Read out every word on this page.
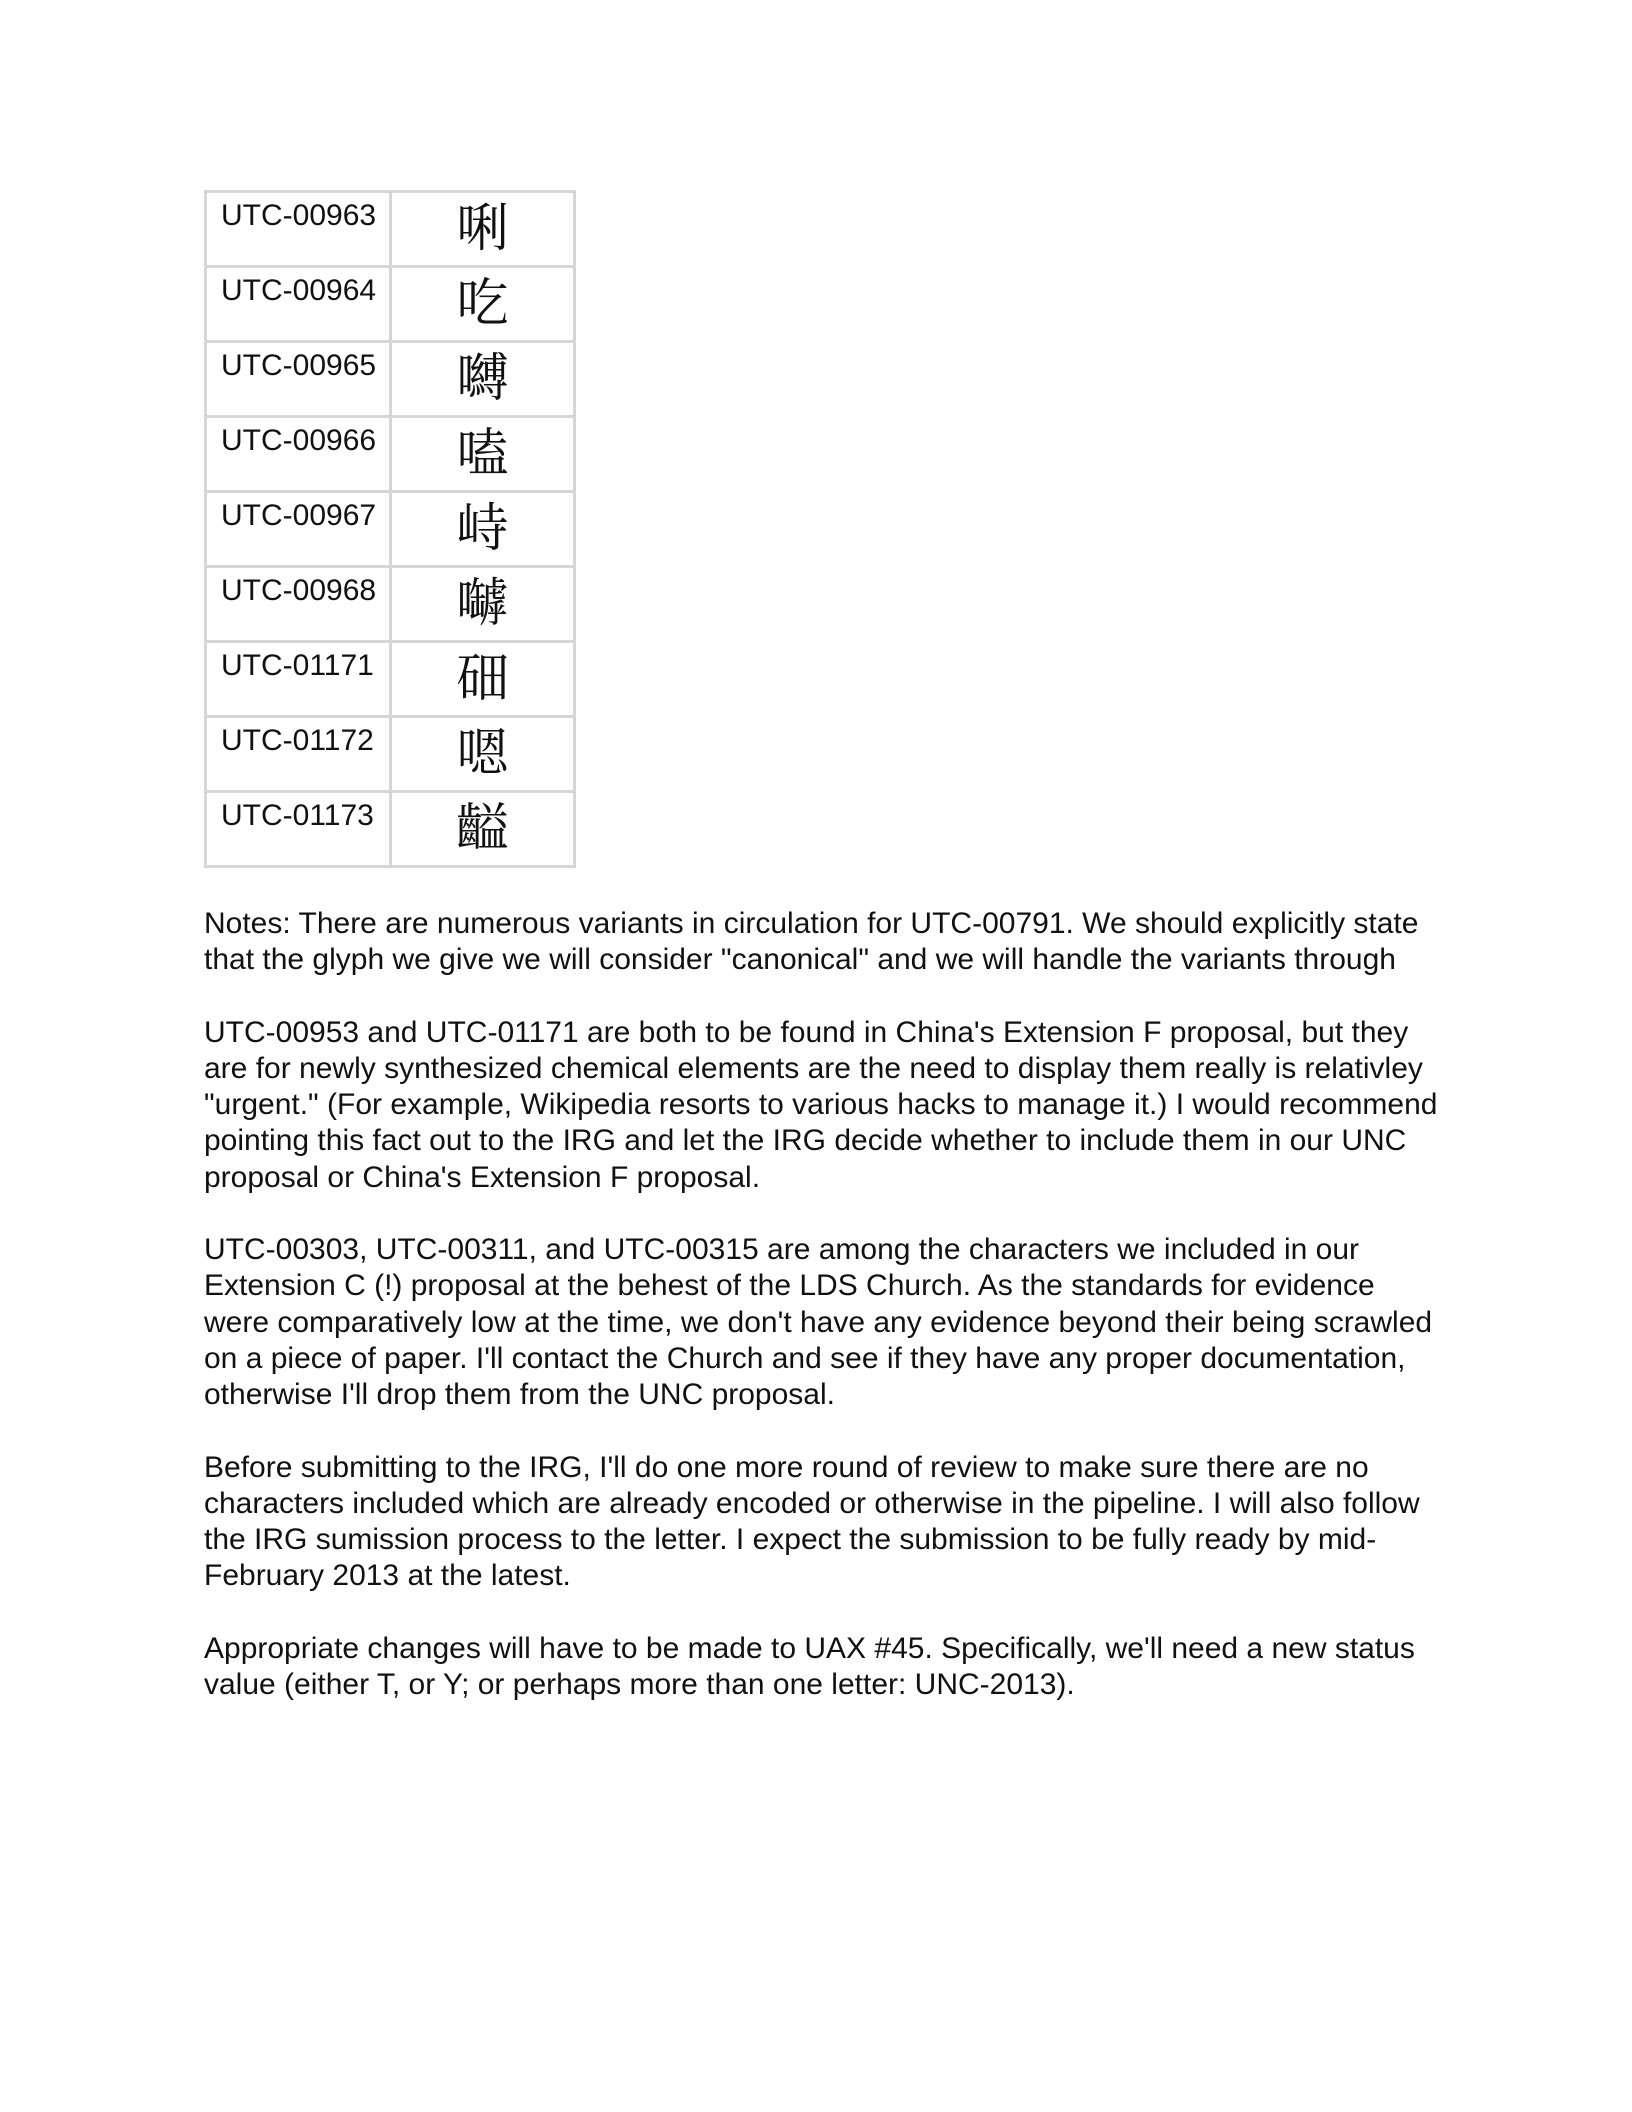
UTC-00963	唎
UTC-00964	吃
UTC-00965	嚩
UTC-00966	嗑
UTC-00967	峙
UTC-00968	嚹
UTC-01171	鿬
UTC-01172	嗯
UTC-01173	齸

Notes: There are numerous variants in circulation for UTC-00791. We should explicitly state that the glyph we give we will consider "canonical" and we will handle the variants through

UTC-00953 and UTC-01171 are both to be found in China's Extension F proposal, but they are for newly synthesized chemical elements are the need to display them really is relativley "urgent." (For example, Wikipedia resorts to various hacks to manage it.) I would recommend pointing this fact out to the IRG and let the IRG decide whether to include them in our UNC proposal or China's Extension F proposal.

UTC-00303, UTC-00311, and UTC-00315 are among the characters we included in our Extension C (!) proposal at the behest of the LDS Church. As the standards for evidence were comparatively low at the time, we don't have any evidence beyond their being scrawled on a piece of paper. I'll contact the Church and see if they have any proper documentation, otherwise I'll drop them from the UNC proposal.

Before submitting to the IRG, I'll do one more round of review to make sure there are no characters included which are already encoded or otherwise in the pipeline. I will also follow the IRG sumission process to the letter. I expect the submission to be fully ready by mid-February 2013 at the latest.

Appropriate changes will have to be made to UAX #45. Specifically, we'll need a new status value (either T, or Y; or perhaps more than one letter: UNC-2013).
